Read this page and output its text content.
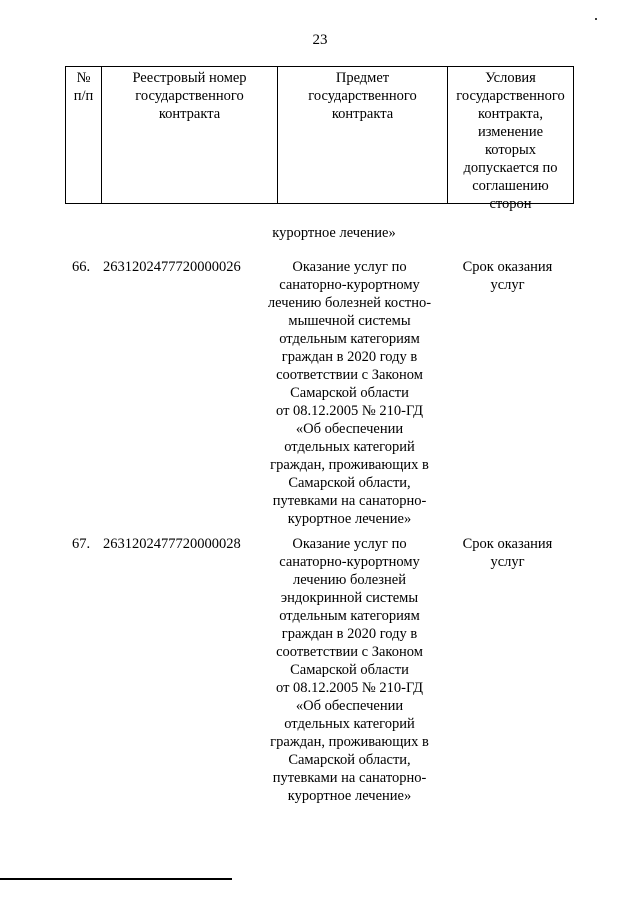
23
№
п/п
Реестровый номер
государственного
контракта
Предмет
государственного
контракта
Условия
государственного
контракта,
изменение
которых
допускается по
соглашению
сторон
курортное лечение»
66. 2631202477720000026	Оказание услуг по
санаторно-курортному
лечению болезней костно-
мышечной системы
отдельным категориям
граждан в 2020 году в
соответствии с Законом
Самарской области
от 08.12.2005 № 210-ГД
«Об обеспечении
отдельных категорий
граждан, проживающих в
Самарской области,
путевками на санаторно-
курортное лечение»
Срок оказания
услуг
67. 2631202477720000028	Оказание услуг по
санаторно-курортному
лечению болезней
эндокринной системы
отдельным категориям
граждан в 2020 году в
соответствии с Законом
Самарской области
от 08.12.2005 № 210-ГД
«Об обеспечении
отдельных категорий
граждан, проживающих в
Самарской области,
путевками на санаторно-
курортное лечение»
Срок оказания
услуг
